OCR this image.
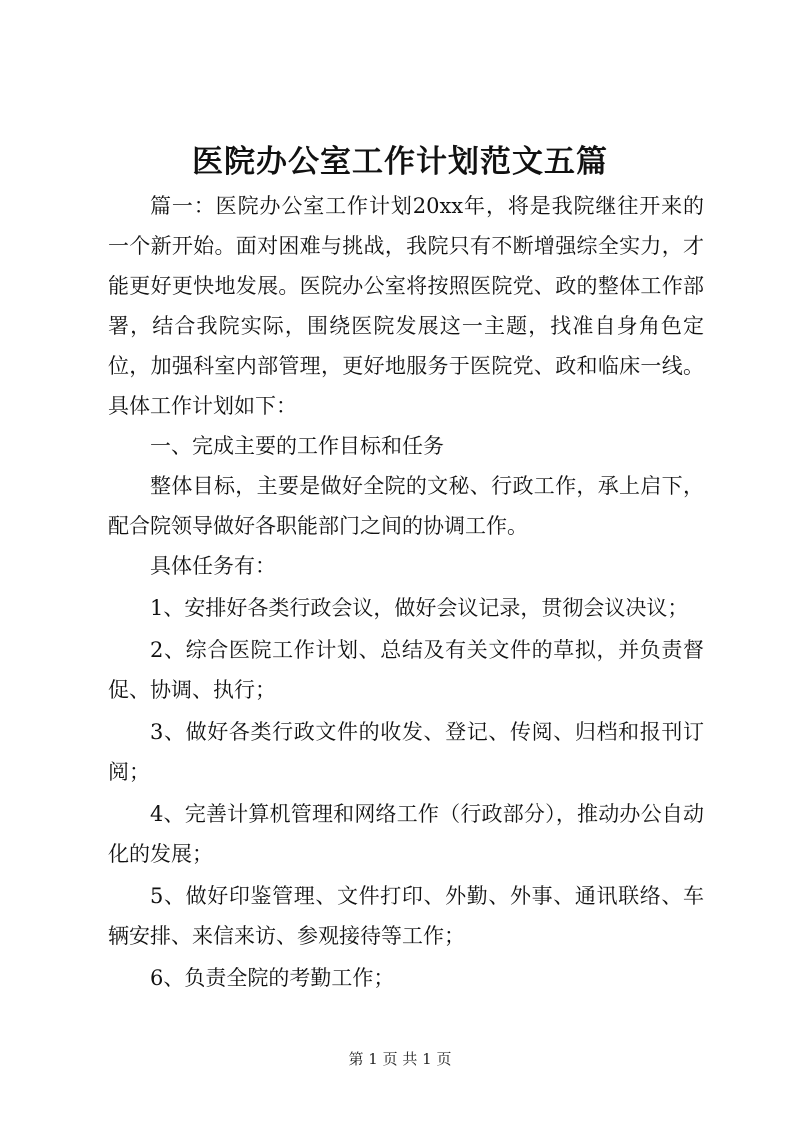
医院办公室工作计划范文五篇

篇一：医院办公室工作计划20xx年，将是我院继往开来的一个新开始。面对困难与挑战，我院只有不断增强综全实力，才能更好更快地发展。医院办公室将按照医院党、政的整体工作部署，结合我院实际，围绕医院发展这一主题，找准自身角色定位，加强科室内部管理，更好地服务于医院党、政和临床一线。具体工作计划如下：

一、完成主要的工作目标和任务

整体目标，主要是做好全院的文秘、行政工作，承上启下，配合院领导做好各职能部门之间的协调工作。

具体任务有：

1、安排好各类行政会议，做好会议记录，贯彻会议决议；

2、综合医院工作计划、总结及有关文件的草拟，并负责督促、协调、执行；

3、做好各类行政文件的收发、登记、传阅、归档和报刊订阅；

4、完善计算机管理和网络工作（行政部分），推动办公自动化的发展；

5、做好印鉴管理、文件打印、外勤、外事、通讯联络、车辆安排、来信来访、参观接待等工作；

6、负责全院的考勤工作；

第 1 页 共 1 页
